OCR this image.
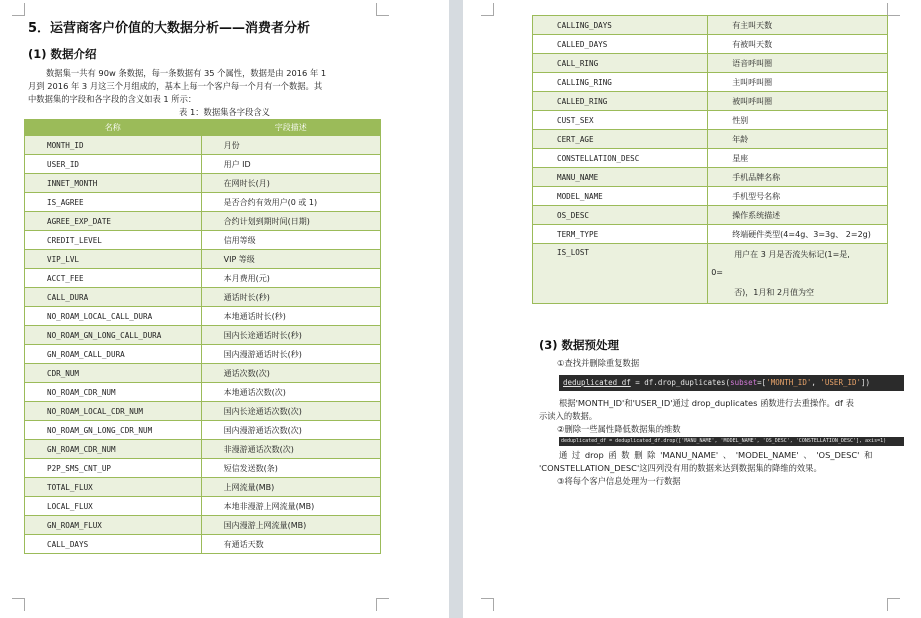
5．运营商客户价值的大数据分析——消费者分析
(1) 数据介绍
数据集一共有 90w 条数据，每一条数据有 35 个属性，数据是由 2016 年 1
月到 2016 年 3 月这三个月组成的，基本上每一个客户每一个月有一个数据。其
中数据集的字段和各字段的含义如表 1 所示：
表 1：数据集各字段含义
名称	字段描述
MONTH_ID	月份
USER_ID	用户 ID
INNET_MONTH	在网时长(月)
IS_AGREE	是否合约有效用户(0 或 1)
AGREE_EXP_DATE	合约计划到期时间(日期)
CREDIT_LEVEL	信用等级
VIP_LVL	VIP 等级
ACCT_FEE	本月费用(元)
CALL_DURA	通话时长(秒)
NO_ROAM_LOCAL_CALL_DURA	本地通话时长(秒)
NO_ROAM_GN_LONG_CALL_DURA	国内长途通话时长(秒)
GN_ROAM_CALL_DURA	国内漫游通话时长(秒)
CDR_NUM	通话次数(次)
NO_ROAM_CDR_NUM	本地通话次数(次)
NO_ROAM_LOCAL_CDR_NUM	国内长途通话次数(次)
NO_ROAM_GN_LONG_CDR_NUM	国内漫游通话次数(次)
GN_ROAM_CDR_NUM	非漫游通话次数(次)
P2P_SMS_CNT_UP	短信发送数(条)
TOTAL_FLUX	上网流量(MB)
LOCAL_FLUX	本地非漫游上网流量(MB)
GN_ROAM_FLUX	国内漫游上网流量(MB)
CALL_DAYS	有通话天数
CALLING_DAYS	有主叫天数
CALLED_DAYS	有被叫天数
CALL_RING	语音呼叫圈
CALLING_RING	主叫呼叫圈
CALLED_RING	被叫呼叫圈
CUST_SEX	性别
CERT_AGE	年龄
CONSTELLATION_DESC	星座
MANU_NAME	手机品牌名称
MODEL_NAME	手机型号名称
OS_DESC	操作系统描述
TERM_TYPE	终端硬件类型(4=4g、3=3g、 2=2g)
IS_LOST	用户在 3 月是否流失标记(1=是,
0=
否)，1月和 2月值为空
(3) 数据预处理
①查找并删除重复数据
deduplicated_df = df.drop_duplicates(subset=['MONTH_ID', 'USER_ID'])
根据'MONTH_ID'和'USER_ID'通过 drop_duplicates 函数进行去重操作。df 表
示读入的数据。
②删除一些属性降低数据集的维数
deduplicated_df = deduplicated_df.drop(['MANU_NAME', 'MODEL_NAME', 'OS_DESC', 'CONSTELLATION_DESC'], axis=1)
通 过 drop 函 数 删 除 'MANU_NAME' 、 'MODEL_NAME' 、 'OS_DESC' 和
'CONSTELLATION_DESC'这四列没有用的数据来达到数据集的降维的效果。
③将每个客户信息处理为一行数据
